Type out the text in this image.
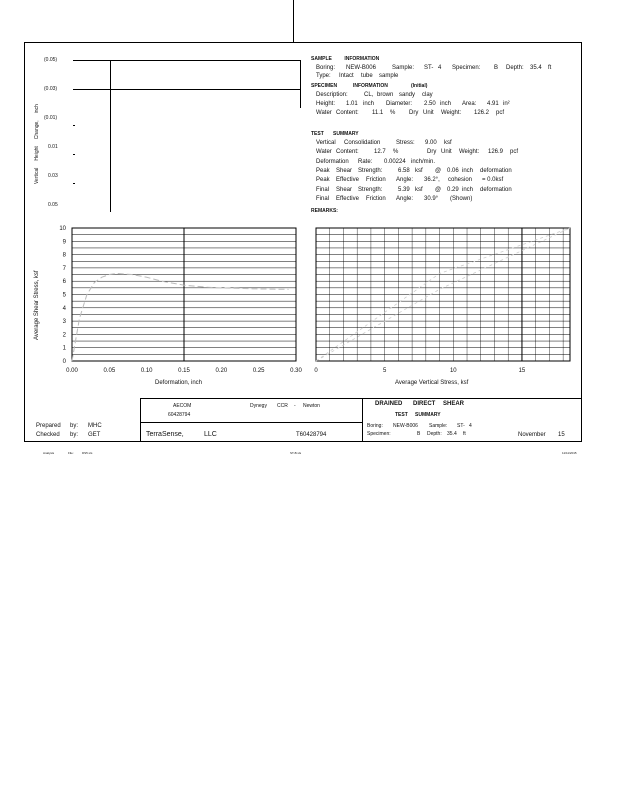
Vertical     Height     Change,     inch
(0.05)
(0.03)
(0.01)
0.01
0.03
0.05
SAMPLE	INFORMATION
Boring: NEW-B006	Sample: ST- 4 Specimen: B Depth: 35.4 ft
Type: Intact tube sample
SPECIMEN	INFORMATION	(Initial)
Description:	CL, brown sandy clay
Height: 1.01 inch Diameter: 2.50 inch Area: 4.91 in²
Water Content: 11.1 % Dry Unit Weight: 126.2 pcf
TEST SUMMARY
Vertical Consolidation	Stress: 9.00 ksf
Water Content:	12.7 %	Dry Unit Weight: 126.9 pcf
Deformation Rate: 0.00224 inch/min.
Peak Shear Strength:	6.58 ksf @ 0.06 inch deformation
Peak Effective Friction Angle: 36.2°, cohesion = 0.0ksf
Final Shear Strength:	5.39 ksf @ 0.29 inch deformation
Final Effective Friction Angle: 30.9° (Shown)
REMARKS:
0.00	0.05	0.10	0.15	0.20	0.25	0.30
0
1
2
3
4
5
6
7
8
9
10
0	5	10	15
Average Shear Stress, ksf
Deformation, inch	Average Vertical Stress, ksf
AECOM
60428794
Dynegy CCR - Newton
Prepared by: MHC
Checked by: GET	TerraSense,	LLC	T60428794
DRAINED DIRECT SHEAR
TEST SUMMARY
Boring: NEW-B006 Sample: ST- 4
Specimen:	B Depth: 35.4 ft	November 15
Analysis	File:	DS5.xls	ST-B.xls	11/11/2015
